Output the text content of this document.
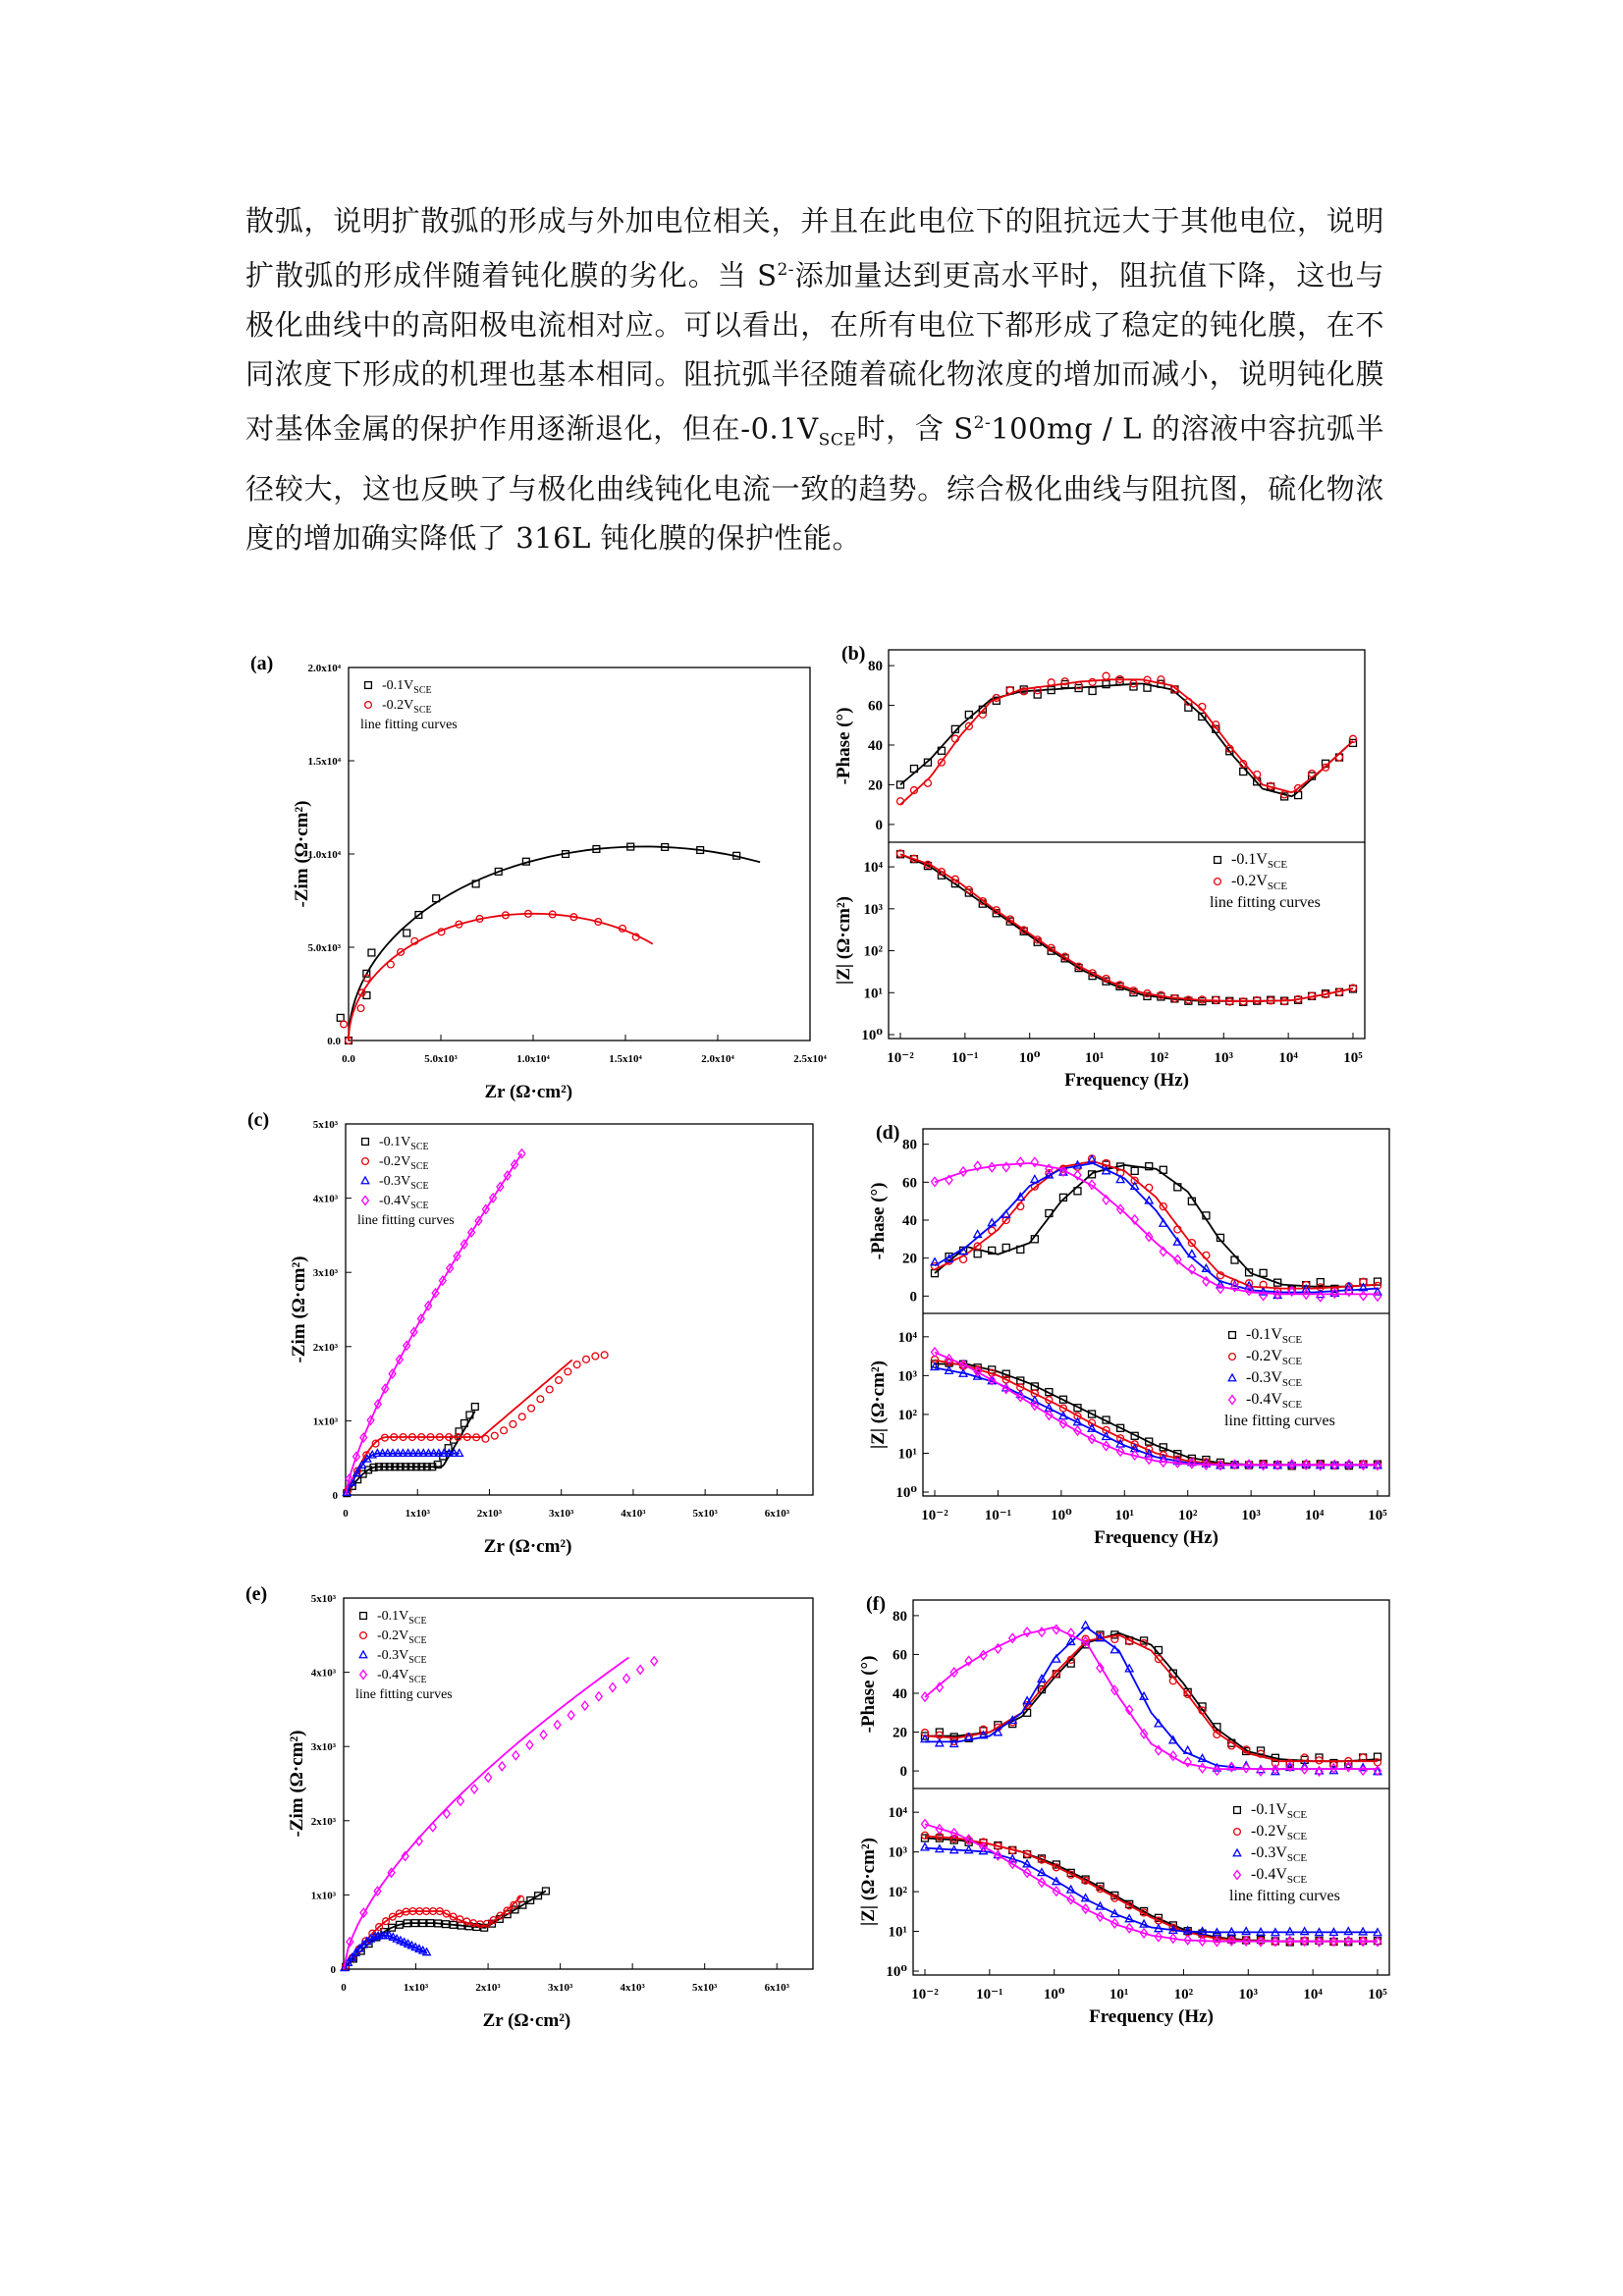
散弧，说明扩散弧的形成与外加电位相关，并且在此电位下的阻抗远大于其他电位，说明扩散弧的形成伴随着钝化膜的劣化。当 $S^{2-}$添加量达到更高水平时，阻抗值下降，这也与极化曲线中的高阳极电流相对应。可以看出，在所有电位下都形成了稳定的钝化膜，在不同浓度下形成的机理也基本相同。阻抗弧半径随着硫化物浓度的增加而减小，说明钝化膜对基体金属的保护作用逐渐退化，但在$-0.1V_{SCE}$时，含 $S^{2-}100mg$ / L 的溶液中容抗弧半径较大，这也反映了与极化曲线钝化电流一致的趋势。综合极化曲线与阻抗图，硫化物浓度的增加确实降低了 316L 钝化膜的保护性能。
0.0	5.0x10³	1.0x10⁴	1.5x10⁴	2.0x10⁴	2.5x10⁴
0.0
5.0x10³
1.0x10⁴
1.5x10⁴
2.0x10⁴
Zr (Ω·cm²)
-Zim (Ω·cm²)
(a)
$-0.1V_{SCE}$
$-0.2V_{SCE}$
line fitting curves
10⁻²	10⁻¹	10⁰	10¹	10²	10³	10⁴	10⁵
0
20
40
60
80
10⁰
10¹
10²
10³
10⁴
Frequency (Hz)
-Phase (°)
|Z| (Ω·cm²)
(b)
$-0.1V_{SCE}$
$-0.2V_{SCE}$
line fitting curves
0	1x10³	2x10³	3x10³	4x10³	5x10³	6x10³
0
1x10³
2x10³
3x10³
4x10³
5x10³
Zr (Ω·cm²)
-Zim (Ω·cm²)
(c)
$-0.1V_{SCE}$
$-0.2V_{SCE}$
$-0.3V_{SCE}$
$-0.4V_{SCE}$
line fitting curves
10⁻² 10⁻¹	10⁰	10¹	10²	10³	10⁴	10⁵
0
20
40
60
80
10⁰
10¹
10²
10³
10⁴
Frequency (Hz)
-Phase (°)
|Z| (Ω·cm²)
(d)
$-0.1V_{SCE}$
$-0.2V_{SCE}$
$-0.3V_{SCE}$
$-0.4V_{SCE}$
line fitting curves
0	1x10³	2x10³	3x10³	4x10³	5x10³	6x10³
0
1x10³
2x10³
3x10³
4x10³
5x10³
Zr (Ω·cm²)
-Zim (Ω·cm²)
(e)
$-0.1V_{SCE}$
$-0.2V_{SCE}$
$-0.3V_{SCE}$
$-0.4V_{SCE}$
line fitting curves
10⁻²	10⁻¹	10⁰	10¹	10²	10³	10⁴	10⁵
0
20
40
60
80
10⁰
10¹
10²
10³
10⁴
Frequency (Hz)
-Phase (°)
|Z| (Ω·cm²)
(f)
$-0.1V_{SCE}$
$-0.2V_{SCE}$
$-0.3V_{SCE}$
$-0.4V_{SCE}$
line fitting curves
